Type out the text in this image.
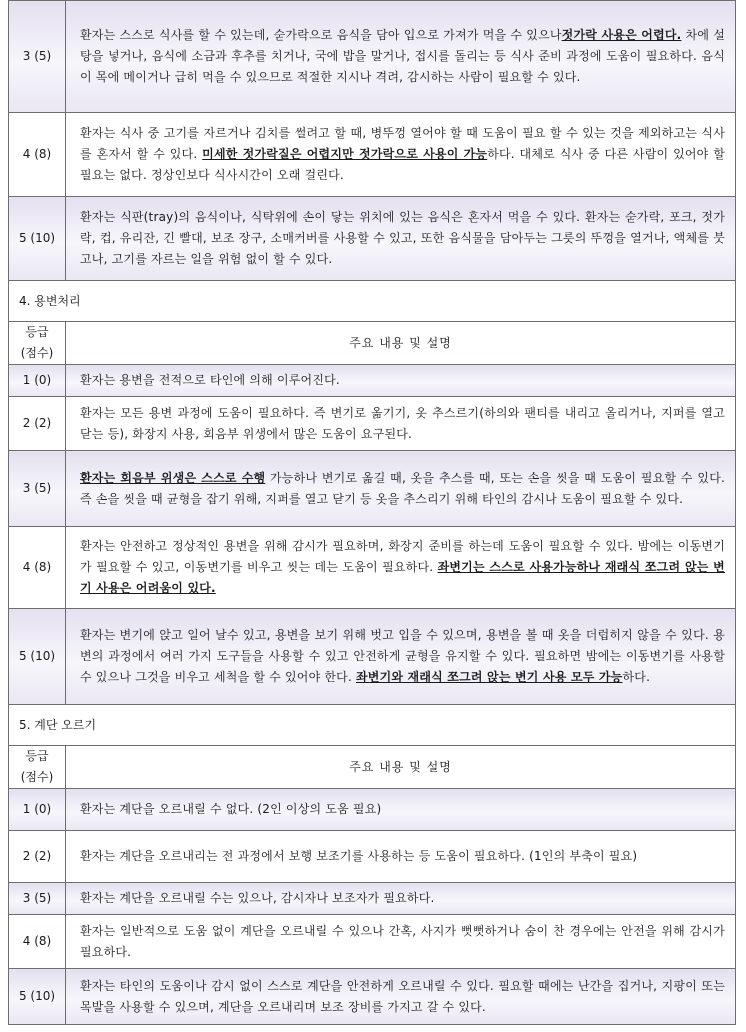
3 (5)	환자는 스스로 식사를 할 수 있는데, 숟가락으로 음식을 담아 입으로 가져가 먹을 수 있으나젓가락 사용은 어렵다. 차에 설탕을 넣거나, 음식에 소금과 후추를 치거나, 국에 밥을 말거나, 접시를 돌리는 등 식사 준비 과정에 도움이 필요하다. 음식이 목에 메이거나 급히 먹을 수 있으므로 적절한 지시나 격려, 감시하는 사람이 필요할 수 있다.
4 (8)	환자는 식사 중 고기를 자르거나 김치를 썰려고 할 때, 병뚜껑 열어야 할 때 도움이 필요 할 수 있는 것을 제외하고는 식사를 혼자서 할 수 있다. 미세한 젓가락질은 어렵지만 젓가락으로 사용이 가능하다. 대체로 식사 중 다른 사람이 있어야 할 필요는 없다. 정상인보다 식사시간이 오래 걸린다.
5 (10)	환자는 식판(tray)의 음식이나, 식탁위에 손이 닿는 위치에 있는 음식은 혼자서 먹을 수 있다. 환자는 숟가락, 포크, 젓가락, 컵, 유리잔, 긴 빨대, 보조 장구, 소매커버를 사용할 수 있고, 또한 음식물을 담아두는 그릇의 뚜껑을 열거나, 액체를 붓고나, 고기를 자르는 일을 위험 없이 할 수 있다.
4. 용변처리	
등급
(점수)	주요 내용 및 설명
1 (0)	환자는 용변을 전적으로 타인에 의해 이루어진다.
2 (2)	환자는 모든 용변 과정에 도움이 필요하다. 즉 변기로 옮기기, 옷 추스르기(하의와 팬티를 내리고 올리거나, 지퍼를 열고 닫는 등), 화장지 사용, 회음부 위생에서 많은 도움이 요구된다.
3 (5)	환자는 회음부 위생은 스스로 수행 가능하나 변기로 옮길 때, 옷을 추스를 때, 또는 손을 씻을 때 도움이 필요할 수 있다. 즉 손을 씻을 때 균형을 잡기 위해, 지퍼를 열고 닫기 등 옷을 추스리기 위해 타인의 감시나 도움이 필요할 수 있다.
4 (8)	환자는 안전하고 정상적인 용변을 위해 감시가 필요하며, 화장지 준비를 하는데 도움이 필요할 수 있다. 밤에는 이동변기가 필요할 수 있고, 이동변기를 비우고 씻는 데는 도움이 필요하다. 좌변기는 스스로 사용가능하나 재래식 쪼그려 앉는 변기 사용은 어려움이 있다.
5 (10)	환자는 변기에 앉고 일어 날수 있고, 용변을 보기 위해 벗고 입을 수 있으며, 용변을 볼 때 옷을 더럽히지 않을 수 있다. 용변의 과정에서 여러 가지 도구들을 사용할 수 있고 안전하게 균형을 유지할 수 있다. 필요하면 밤에는 이동변기를 사용할 수 있으나 그것을 비우고 세척을 할 수 있어야 한다. 좌변기와 재래식 쪼그려 앉는 변기 사용 모두 가능하다.
5. 계단 오르기	
등급
(점수)	주요 내용 및 설명
1 (0)	환자는 계단을 오르내릴 수 없다. (2인 이상의 도움 필요)
2 (2)	환자는 계단을 오르내리는 전 과정에서 보행 보조기를 사용하는 등 도움이 필요하다. (1인의 부축이 필요)
3 (5)	환자는 계단을 오르내릴 수는 있으나, 감시자나 보조자가 필요하다.
4 (8)	환자는 일반적으로 도움 없이 계단을 오르내릴 수 있으나 간혹, 사지가 뻣뻣하거나 숨이 찬 경우에는 안전을 위해 감시가 필요하다.
5 (10)	환자는 타인의 도움이나 감시 없이 스스로 계단을 안전하게 오르내릴 수 있다. 필요할 때에는 난간을 집거나, 지팡이 또는 목발을 사용할 수 있으며, 계단을 오르내리며 보조 장비를 가지고 갈 수 있다.
